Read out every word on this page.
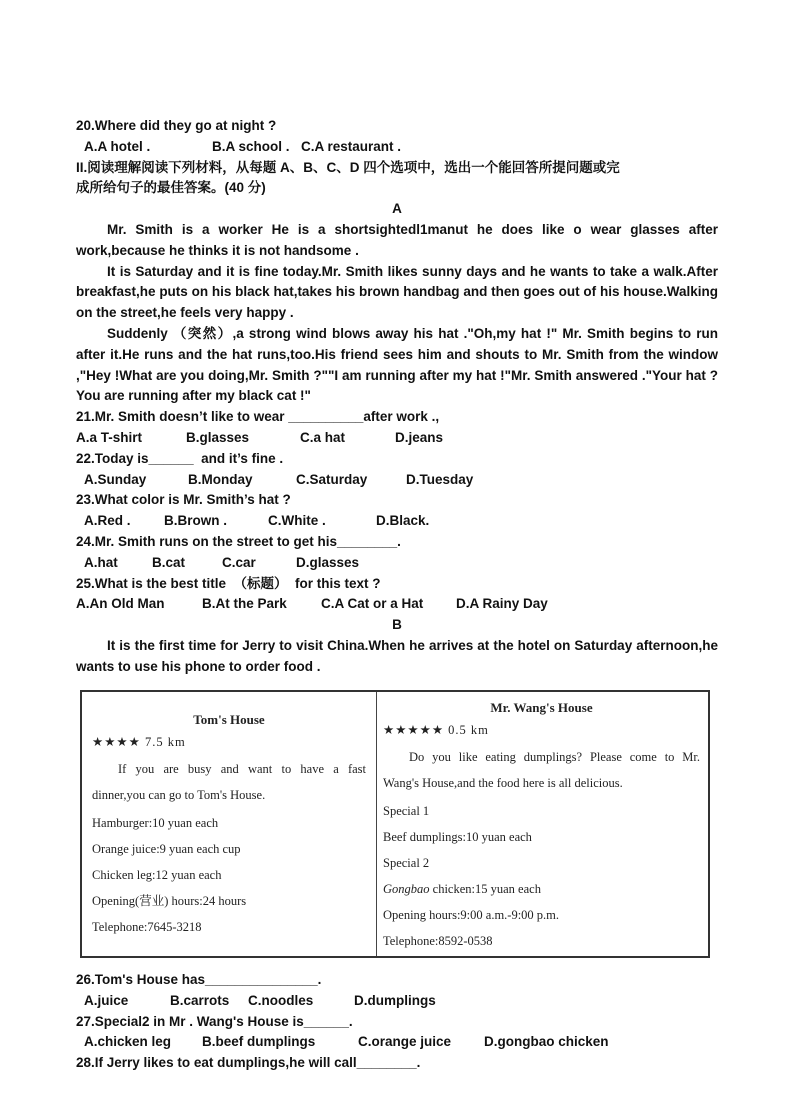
20.Where did they go at night ?
A.A hotel .	B.A school . C.A restaurant .
II.阅读理解阅读下列材料，从每题 A、B、C、D 四个选项中，选出一个能回答所提问题或完
成所给句子的最佳答案。(40 分)
A

Mr. Smith is a worker He is a shortsightedl1manut he does like o wear glasses after work,because he thinks it is not handsome .

It is Saturday and it is fine today.Mr. Smith likes sunny days and he wants to take a walk.After breakfast,he puts on his black hat,takes his brown handbag and then goes out of his house.Walking on the street,he feels very happy .

Suddenly （突然）,a strong wind blows away his hat ."Oh,my hat !" Mr. Smith begins to run after it.He runs and the hat runs,too.His friend sees him and shouts to Mr. Smith from the window ,"Hey !What are you doing,Mr. Smith ?""I am running after my hat !"Mr. Smith answered ."Your hat ? You are running after my black cat !"

21.Mr. Smith doesn’t like to wear __________after work .,
A.a T-shirt	B.glasses	C.a hat	D.jeans
22.Today is______  and it’s fine .
A.Sunday	B.Monday	C.Saturday	D.Tuesday
23.What color is Mr. Smith’s hat ?
A.Red .	B.Brown .	C.White .	D.Black.
24.Mr. Smith runs on the street to get his________.
A.hat	B.cat	C.car	D.glasses
25.What is the best title  （标题）  for this text ?
A.An Old Man	B.At the Park	C.A Cat or a Hat	D.A Rainy Day
B

It is the first time for Jerry to visit China.When he arrives at the hotel on Saturday afternoon,he wants to use his phone to order food .

Tom's House
★★★★ 7.5 km

If you are busy and want to have a fast dinner,you can go to Tom's House.

Hamburger:10 yuan each
Orange juice:9 yuan each cup
Chicken leg:12 yuan each
Opening(营业) hours:24 hours
Telephone:7645-3218
Mr. Wang's House
★★★★★ 0.5 km

Do you like eating dumplings? Please come to Mr. Wang's House,and the food here is all delicious.

Special 1
Beef dumplings:10 yuan each
Special 2
Gongbao chicken:15 yuan each
Opening hours:9:00 a.m.-9:00 p.m.
Telephone:8592-0538
26.Tom's House has_______________.
A.juice	B.carrots	C.noodles	D.dumplings
27.Special2 in Mr . Wang's House is______.
A.chicken leg	B.beef dumplings	C.orange juice	D.gongbao chicken
28.If Jerry likes to eat dumplings,he will call________.
